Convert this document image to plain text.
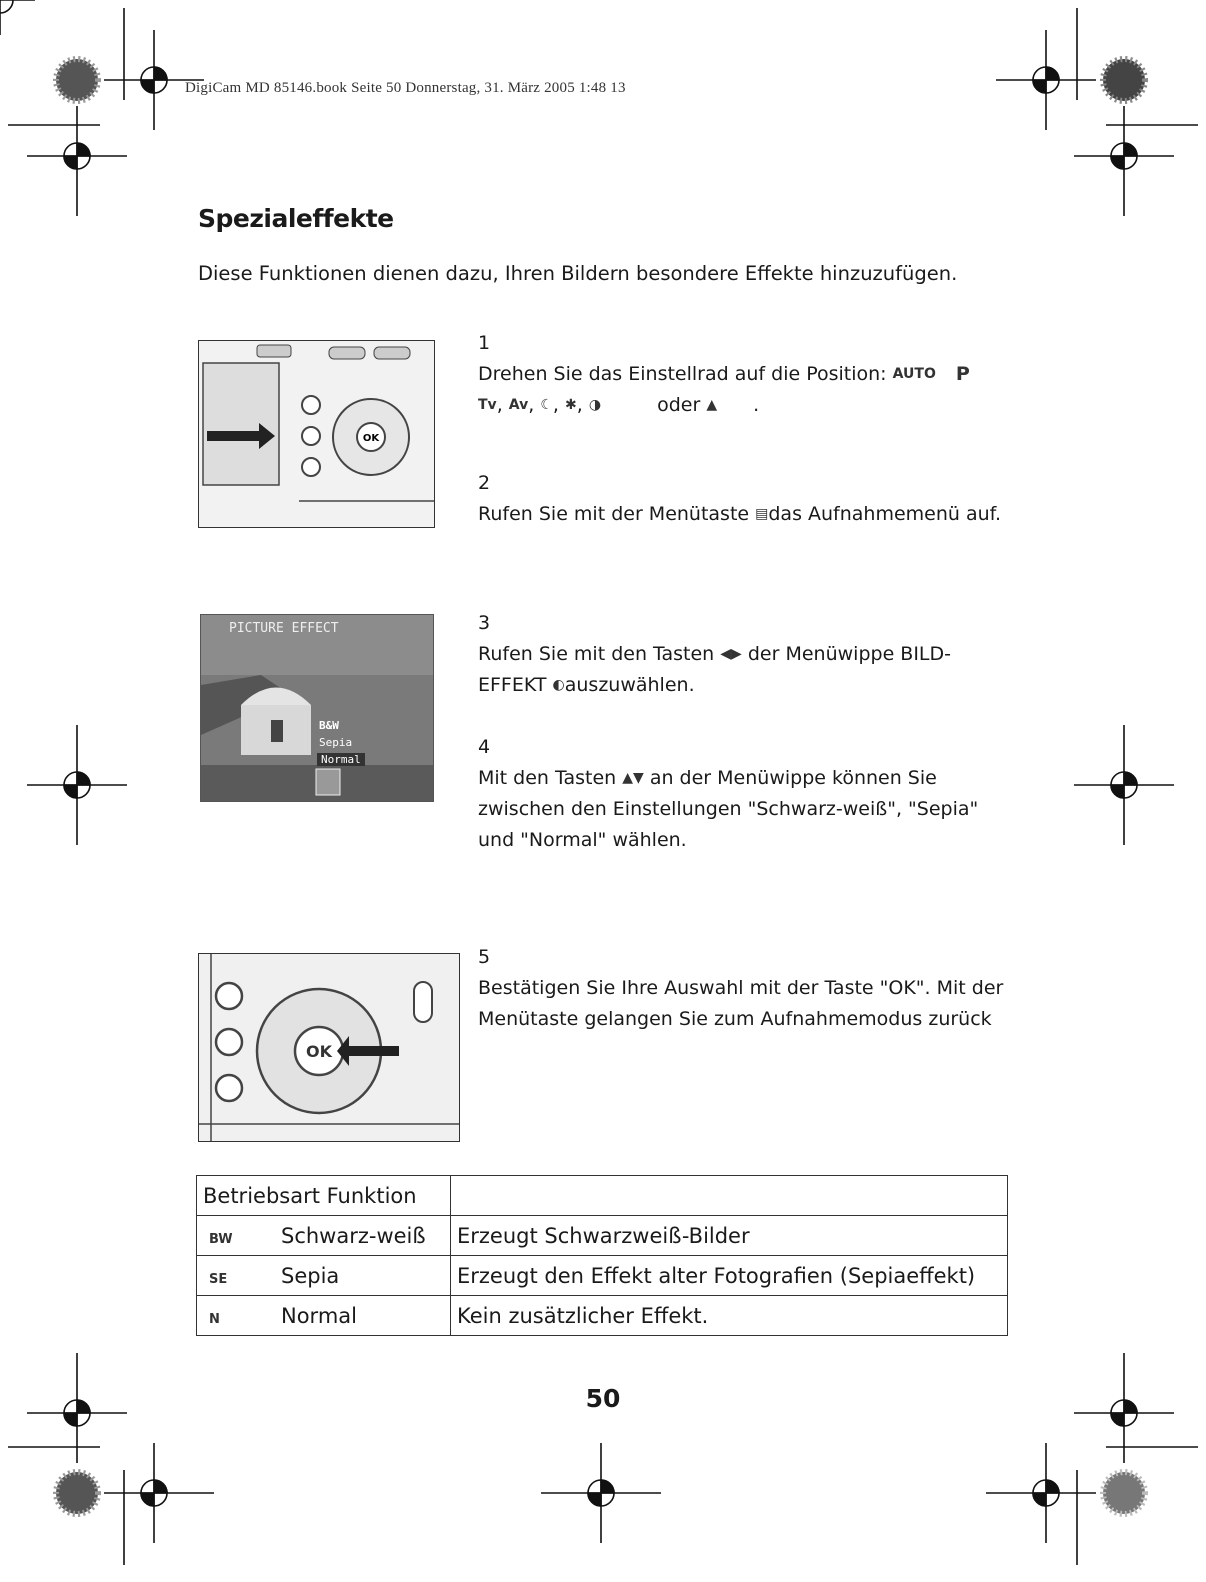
DigiCam MD 85146.book Seite 50 Donnerstag, 31. März 2005 1:48 13
Spezialeffekte
Diese Funktionen dienen dazu, Ihren Bildern besondere Effekte hinzuzufügen.
OK
1
Drehen Sie das Einstellrad auf die Position: AUTO P
Tv, Av, ☾, ✱, ◑	oder ▲ .
2
Rufen Sie mit der Menütaste ▤das Aufnahmemenü auf.
PICTURE EFFECT
B&W
Sepia
Normal
3
Rufen Sie mit den Tasten ◀▶ der Menüwippe BILD-EFFEKT ◐auszuwählen.
4
Mit den Tasten ▲▼ an der Menüwippe können Sie zwischen den Einstellungen "Schwarz-weiß", "Sepia" und "Normal" wählen.
OK
5
Bestätigen Sie Ihre Auswahl mit der Taste "OK". Mit der Menütaste gelangen Sie zum Aufnahmemodus zurück
Betriebsart Funktion	
BW Schwarz-weiß	Erzeugt Schwarzweiß-Bilder
SE Sepia	Erzeugt den Effekt alter Fotografien (Sepiaeffekt)
N Normal	Kein zusätzlicher Effekt.
50
